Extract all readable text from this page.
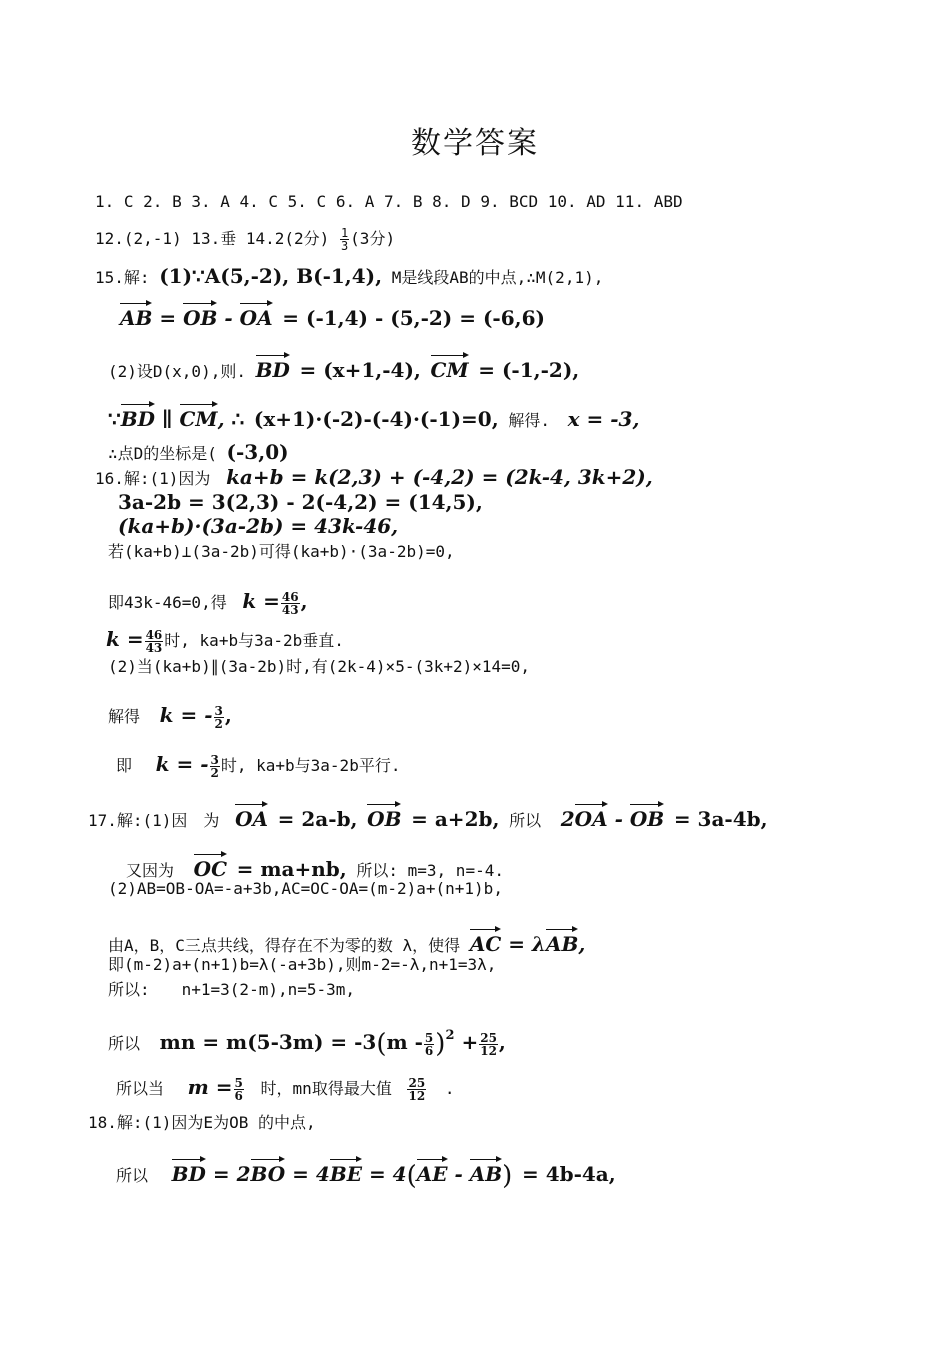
数学答案
1. C 2. B 3. A 4. C 5. C 6. A 7. B 8. D 9. BCD 10. AD 11. ABD
12.(2,-1) 13.垂 14.2(2分) $\frac{1}{3} (3$分)
15.解: (1)∵A(5,-2), B(-1,4), M是线段AB的中点,∴M(2,1),
AB = OB - OA = (-1,4) - (5,-2) = (-6,6)
(2)设D(x,0),则. BD = (x+1,-4), CM = (-1,-2),
∵BD ∥ CM, ∴ (x+1)·(-2)-(-4)·(-1)=0, 解得. x = -3,
∴点D的坐标是( (-3,0)
16.解:(1)因为 ka+b = k(2,3) + (-4,2) = (2k-4, 3k+2),
3a-2b = 3(2,3) - 2(-4,2) = (14,5),
(ka+b)·(3a-2b) = 43k-46,
若(ka+b)⊥(3a-2b)可得(ka+b)·(3a-2b)=0,
即43k-46=0,得 $k = \frac{46}{43}$ ,
$k = \frac{46}{43}$ 时, ka+b与3a-2b垂直.
(2)当(ka+b)∥(3a-2b)时,有(2k-4)×5-(3k+2)×14=0,
解得 k = - $\frac{3}{2}$ ,
即 k = - $\frac{3}{2}$ 时, ka+b与3a-2b平行.
17.解:(1)因　为 OA = 2a-b, OB = a+2b, 所以 2OA - OB = 3a-4b,
又因为 OC = ma+nb, 所以: m=3, n=-4.
(2)AB=OB-OA=-a+3b,AC=OC-OA=(m-2)a+(n+1)b,
由A，B，C三点共线，得存在不为零的数 λ，使得 AC = λAB,
即(m-2)a+(n+1)b=λ(-a+3b),则m-2=-λ,n+1=3λ,
所以:　　n+1=3(2-m),n=5-3m,
所以 mn = $m(5-3m) = -3(m - \frac{5}{6} )^2 + \frac{25}{12}$ ,
所以当 $m = \frac{5}{6}$ 时，mn取得最大值 $\frac{25}{12}$ .
18.解:(1)因为E为OB 的中点,
所以 BD = 2BO = 4BE = 4(AE - AB) = 4b-4a,
